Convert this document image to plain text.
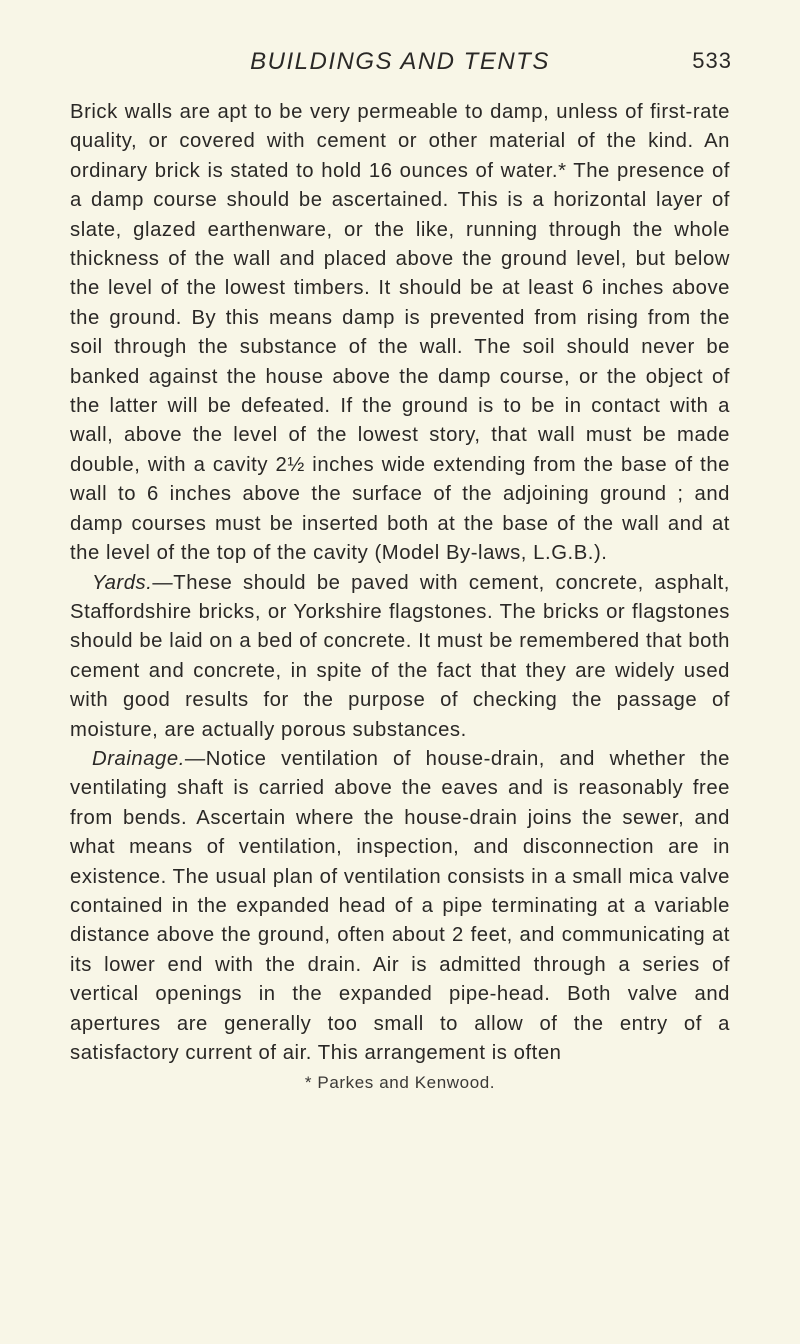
BUILDINGS AND TENTS	533

Brick walls are apt to be very permeable to damp, unless of first-rate quality, or covered with cement or other material of the kind. An ordinary brick is stated to hold 16 ounces of water.* The presence of a damp course should be ascertained. This is a horizontal layer of slate, glazed earthenware, or the like, running through the whole thickness of the wall and placed above the ground level, but below the level of the lowest timbers. It should be at least 6 inches above the ground. By this means damp is prevented from rising from the soil through the substance of the wall. The soil should never be banked against the house above the damp course, or the object of the latter will be defeated. If the ground is to be in contact with a wall, above the level of the lowest story, that wall must be made double, with a cavity 2½ inches wide extending from the base of the wall to 6 inches above the surface of the adjoining ground ; and damp courses must be inserted both at the base of the wall and at the level of the top of the cavity (Model By-laws, L.G.B.).

Yards.—These should be paved with cement, concrete, asphalt, Staffordshire bricks, or Yorkshire flagstones. The bricks or flagstones should be laid on a bed of concrete. It must be remembered that both cement and concrete, in spite of the fact that they are widely used with good results for the purpose of checking the passage of moisture, are actually porous substances.

Drainage.—Notice ventilation of house-drain, and whether the ventilating shaft is carried above the eaves and is reasonably free from bends. Ascertain where the house-drain joins the sewer, and what means of ventilation, inspection, and disconnection are in existence. The usual plan of ventilation consists in a small mica valve contained in the expanded head of a pipe terminating at a variable distance above the ground, often about 2 feet, and communicating at its lower end with the drain. Air is admitted through a series of vertical openings in the expanded pipe-head. Both valve and apertures are generally too small to allow of the entry of a satisfactory current of air. This arrangement is often

* Parkes and Kenwood.
